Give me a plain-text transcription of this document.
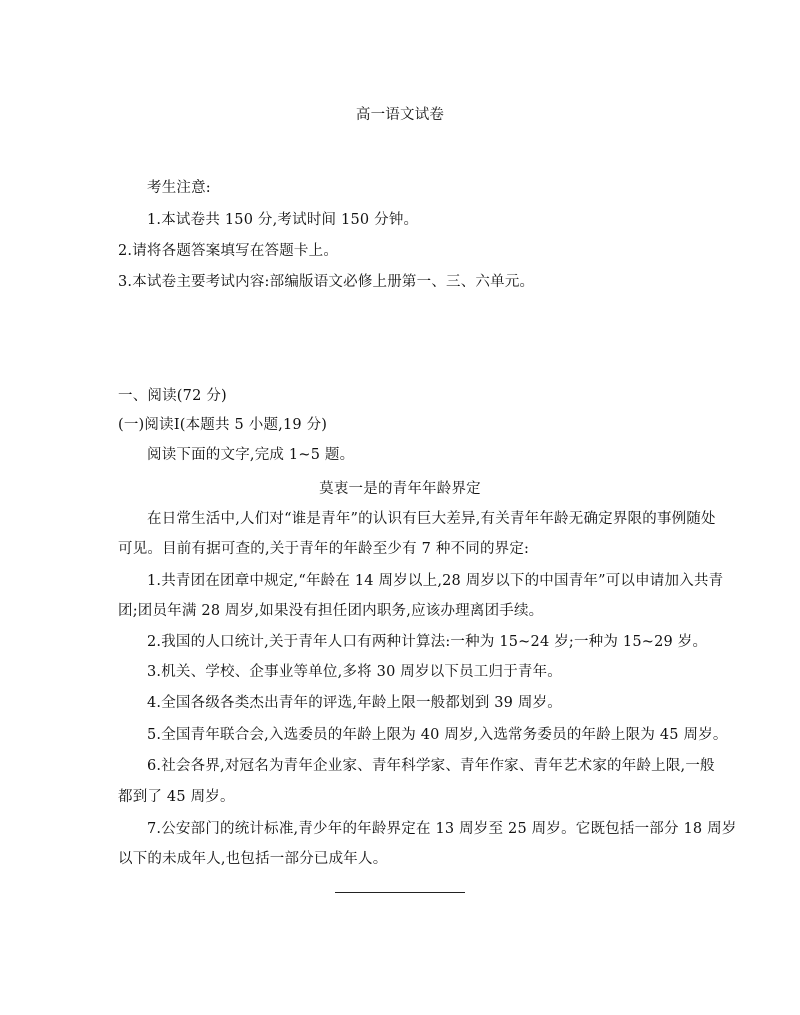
高一语文试卷
考生注意:
1.本试卷共 150 分,考试时间 150 分钟。
2.请将各题答案填写在答题卡上。
3.本试卷主要考试内容:部编版语文必修上册第一、三、六单元。
一、阅读(72 分)
(一)阅读I(本题共 5 小题,19 分)
阅读下面的文字,完成 1~5 题。
莫衷一是的青年年龄界定
在日常生活中,人们对“谁是青年”的认识有巨大差异,有关青年年龄无确定界限的事例随处
可见。目前有据可查的,关于青年的年龄至少有 7 种不同的界定:
1.共青团在团章中规定,“年龄在 14 周岁以上,28 周岁以下的中国青年”可以申请加入共青
团;团员年满 28 周岁,如果没有担任团内职务,应该办理离团手续。
2.我国的人口统计,关于青年人口有两种计算法:一种为 15~24 岁;一种为 15~29 岁。
3.机关、学校、企事业等单位,多将 30 周岁以下员工归于青年。
4.全国各级各类杰出青年的评选,年龄上限一般都划到 39 周岁。
5.全国青年联合会,入选委员的年龄上限为 40 周岁,入选常务委员的年龄上限为 45 周岁。
6.社会各界,对冠名为青年企业家、青年科学家、青年作家、青年艺术家的年龄上限,一般
都到了 45 周岁。
7.公安部门的统计标准,青少年的年龄界定在 13 周岁至 25 周岁。它既包括一部分 18 周岁
以下的未成年人,也包括一部分已成年人。
